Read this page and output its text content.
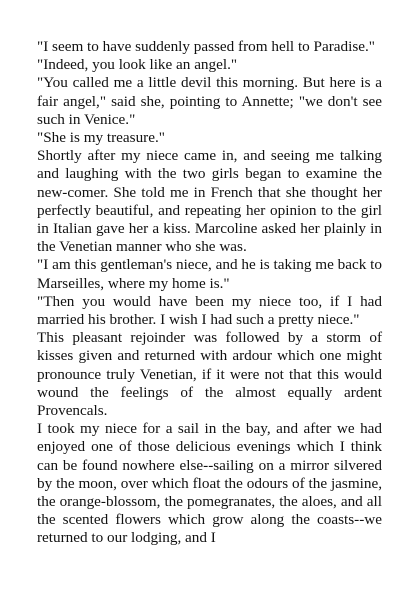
"I seem to have suddenly passed from hell to Paradise."

"Indeed, you look like an angel."

"You called me a little devil this morning. But here is a fair angel," said she, pointing to Annette; "we don't see such in Venice."

"She is my treasure."

Shortly after my niece came in, and seeing me talking and laughing with the two girls began to examine the new-comer. She told me in French that she thought her perfectly beautiful, and repeating her opinion to the girl in Italian gave her a kiss. Marcoline asked her plainly in the Venetian manner who she was.

"I am this gentleman's niece, and he is taking me back to Marseilles, where my home is."

"Then you would have been my niece too, if I had married his brother. I wish I had such a pretty niece."

This pleasant rejoinder was followed by a storm of kisses given and returned with ardour which one might pronounce truly Venetian, if it were not that this would wound the feelings of the almost equally ardent Provencals.

I took my niece for a sail in the bay, and after we had enjoyed one of those delicious evenings which I think can be found nowhere else--sailing on a mirror silvered by the moon, over which float the odours of the jasmine, the orange-blossom, the pomegranates, the aloes, and all the scented flowers which grow along the coasts--we returned to our lodging, and I
